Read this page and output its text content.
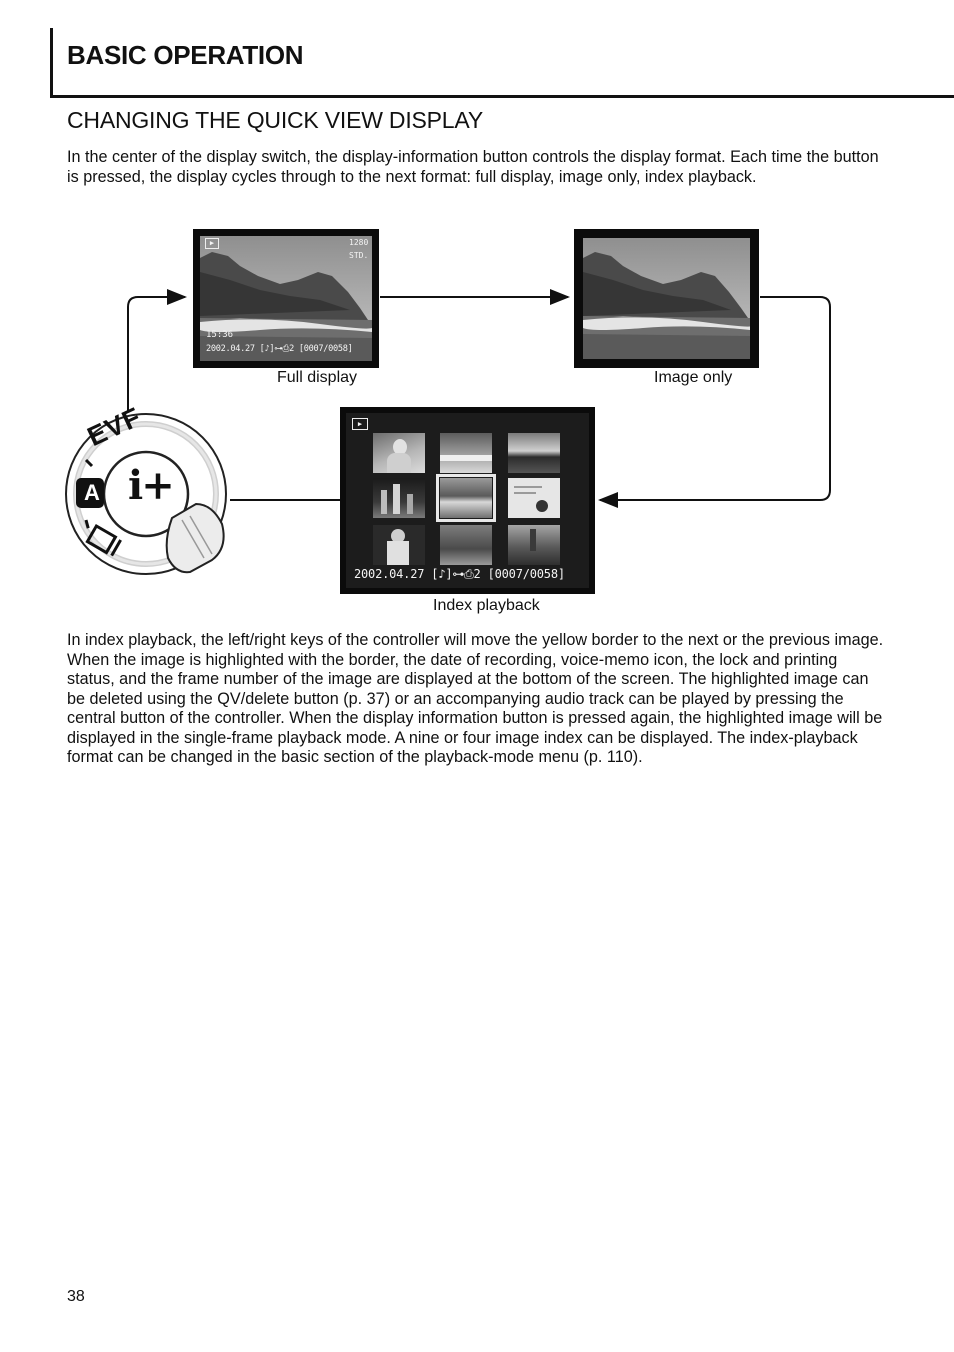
BASIC OPERATION
CHANGING THE QUICK VIEW DISPLAY

In the center of the display switch, the display-information button controls the display format. Each time the button is pressed, the display cycles through to the next format: full display, image only, index playback.

▶	1280
STD.
15:36
2002.04.27 [♪]⊶⎙2 [0007/0058]
Full display	Image only
▶
2002.04.27 [♪]⊶⎙2 [0007/0058]
Index playback
EVF
A i+

In index playback, the left/right keys of the controller will move the yellow border to the next or the previous image. When the image is highlighted with the border, the date of recording, voice-memo icon, the lock and printing status, and the frame number of the image are displayed at the bottom of the screen. The highlighted image can be deleted using the QV/delete button (p. 37) or an accompanying audio track can be played by pressing the central button of the controller. When the display information button is pressed again, the highlighted image will be displayed in the single-frame playback mode. A nine or four image index can be displayed. The index-playback format can be changed in the basic section of the playback-mode menu (p. 110).

38
